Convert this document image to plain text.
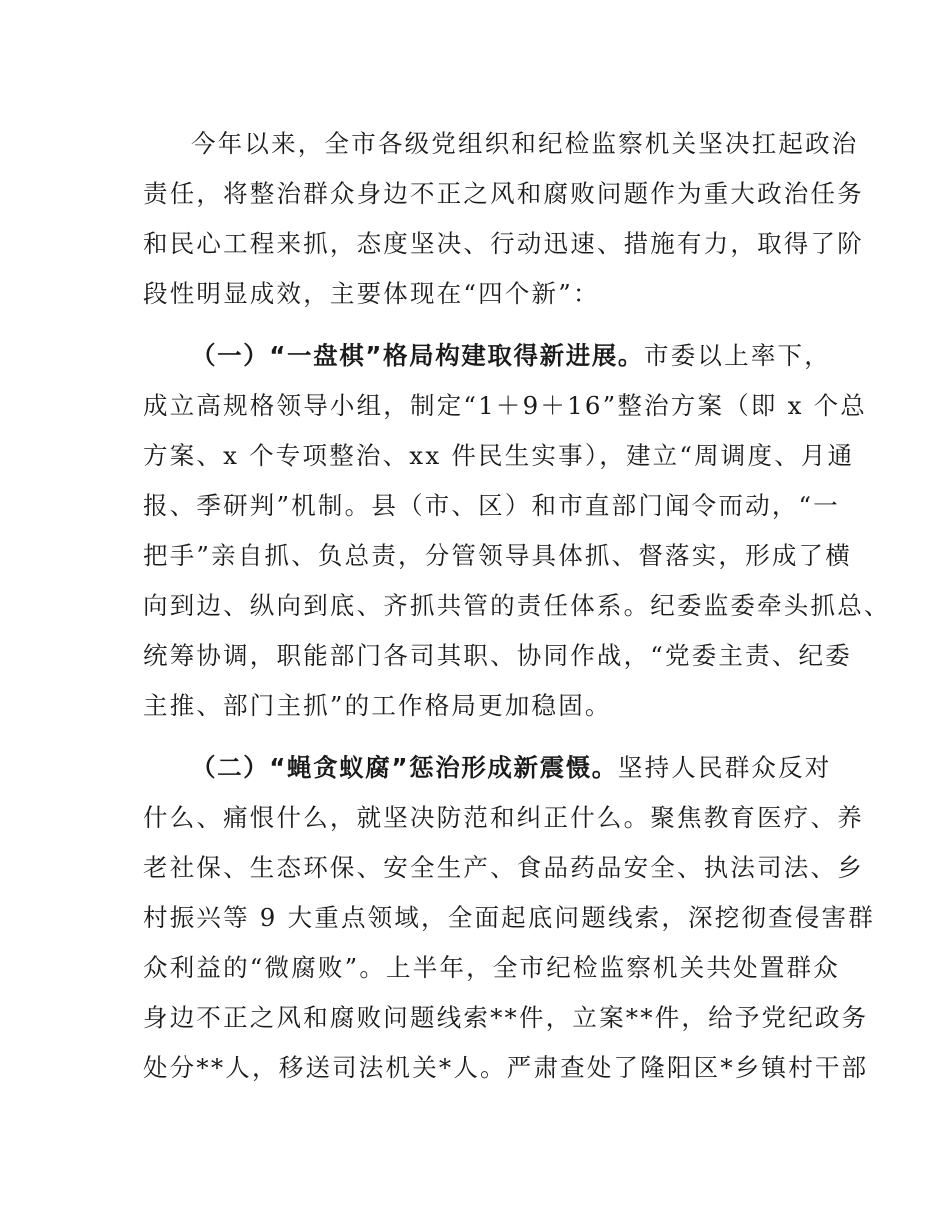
今年以来，全市各级党组织和纪检监察机关坚决扛起政治
责任，将整治群众身边不正之风和腐败问题作为重大政治任务
和民心工程来抓，态度坚决、行动迅速、措施有力，取得了阶
段性明显成效，主要体现在“四个新”：
（一）“一盘棋”格局构建取得新进展。市委以上率下，
成立高规格领导小组，制定“1＋9＋16”整治方案（即 x 个总
方案、x 个专项整治、xx 件民生实事），建立“周调度、月通
报、季研判”机制。县（市、区）和市直部门闻令而动，“一
把手”亲自抓、负总责，分管领导具体抓、督落实，形成了横
向到边、纵向到底、齐抓共管的责任体系。纪委监委牵头抓总、
统筹协调，职能部门各司其职、协同作战，“党委主责、纪委
主推、部门主抓”的工作格局更加稳固。
（二）“蝇贪蚁腐”惩治形成新震慑。坚持人民群众反对
什么、痛恨什么，就坚决防范和纠正什么。聚焦教育医疗、养
老社保、生态环保、安全生产、食品药品安全、执法司法、乡
村振兴等 9 大重点领域，全面起底问题线索，深挖彻查侵害群
众利益的“微腐败”。上半年，全市纪检监察机关共处置群众
身边不正之风和腐败问题线索**件，立案**件，给予党纪政务
处分**人，移送司法机关*人。严肃查处了隆阳区*乡镇村干部
